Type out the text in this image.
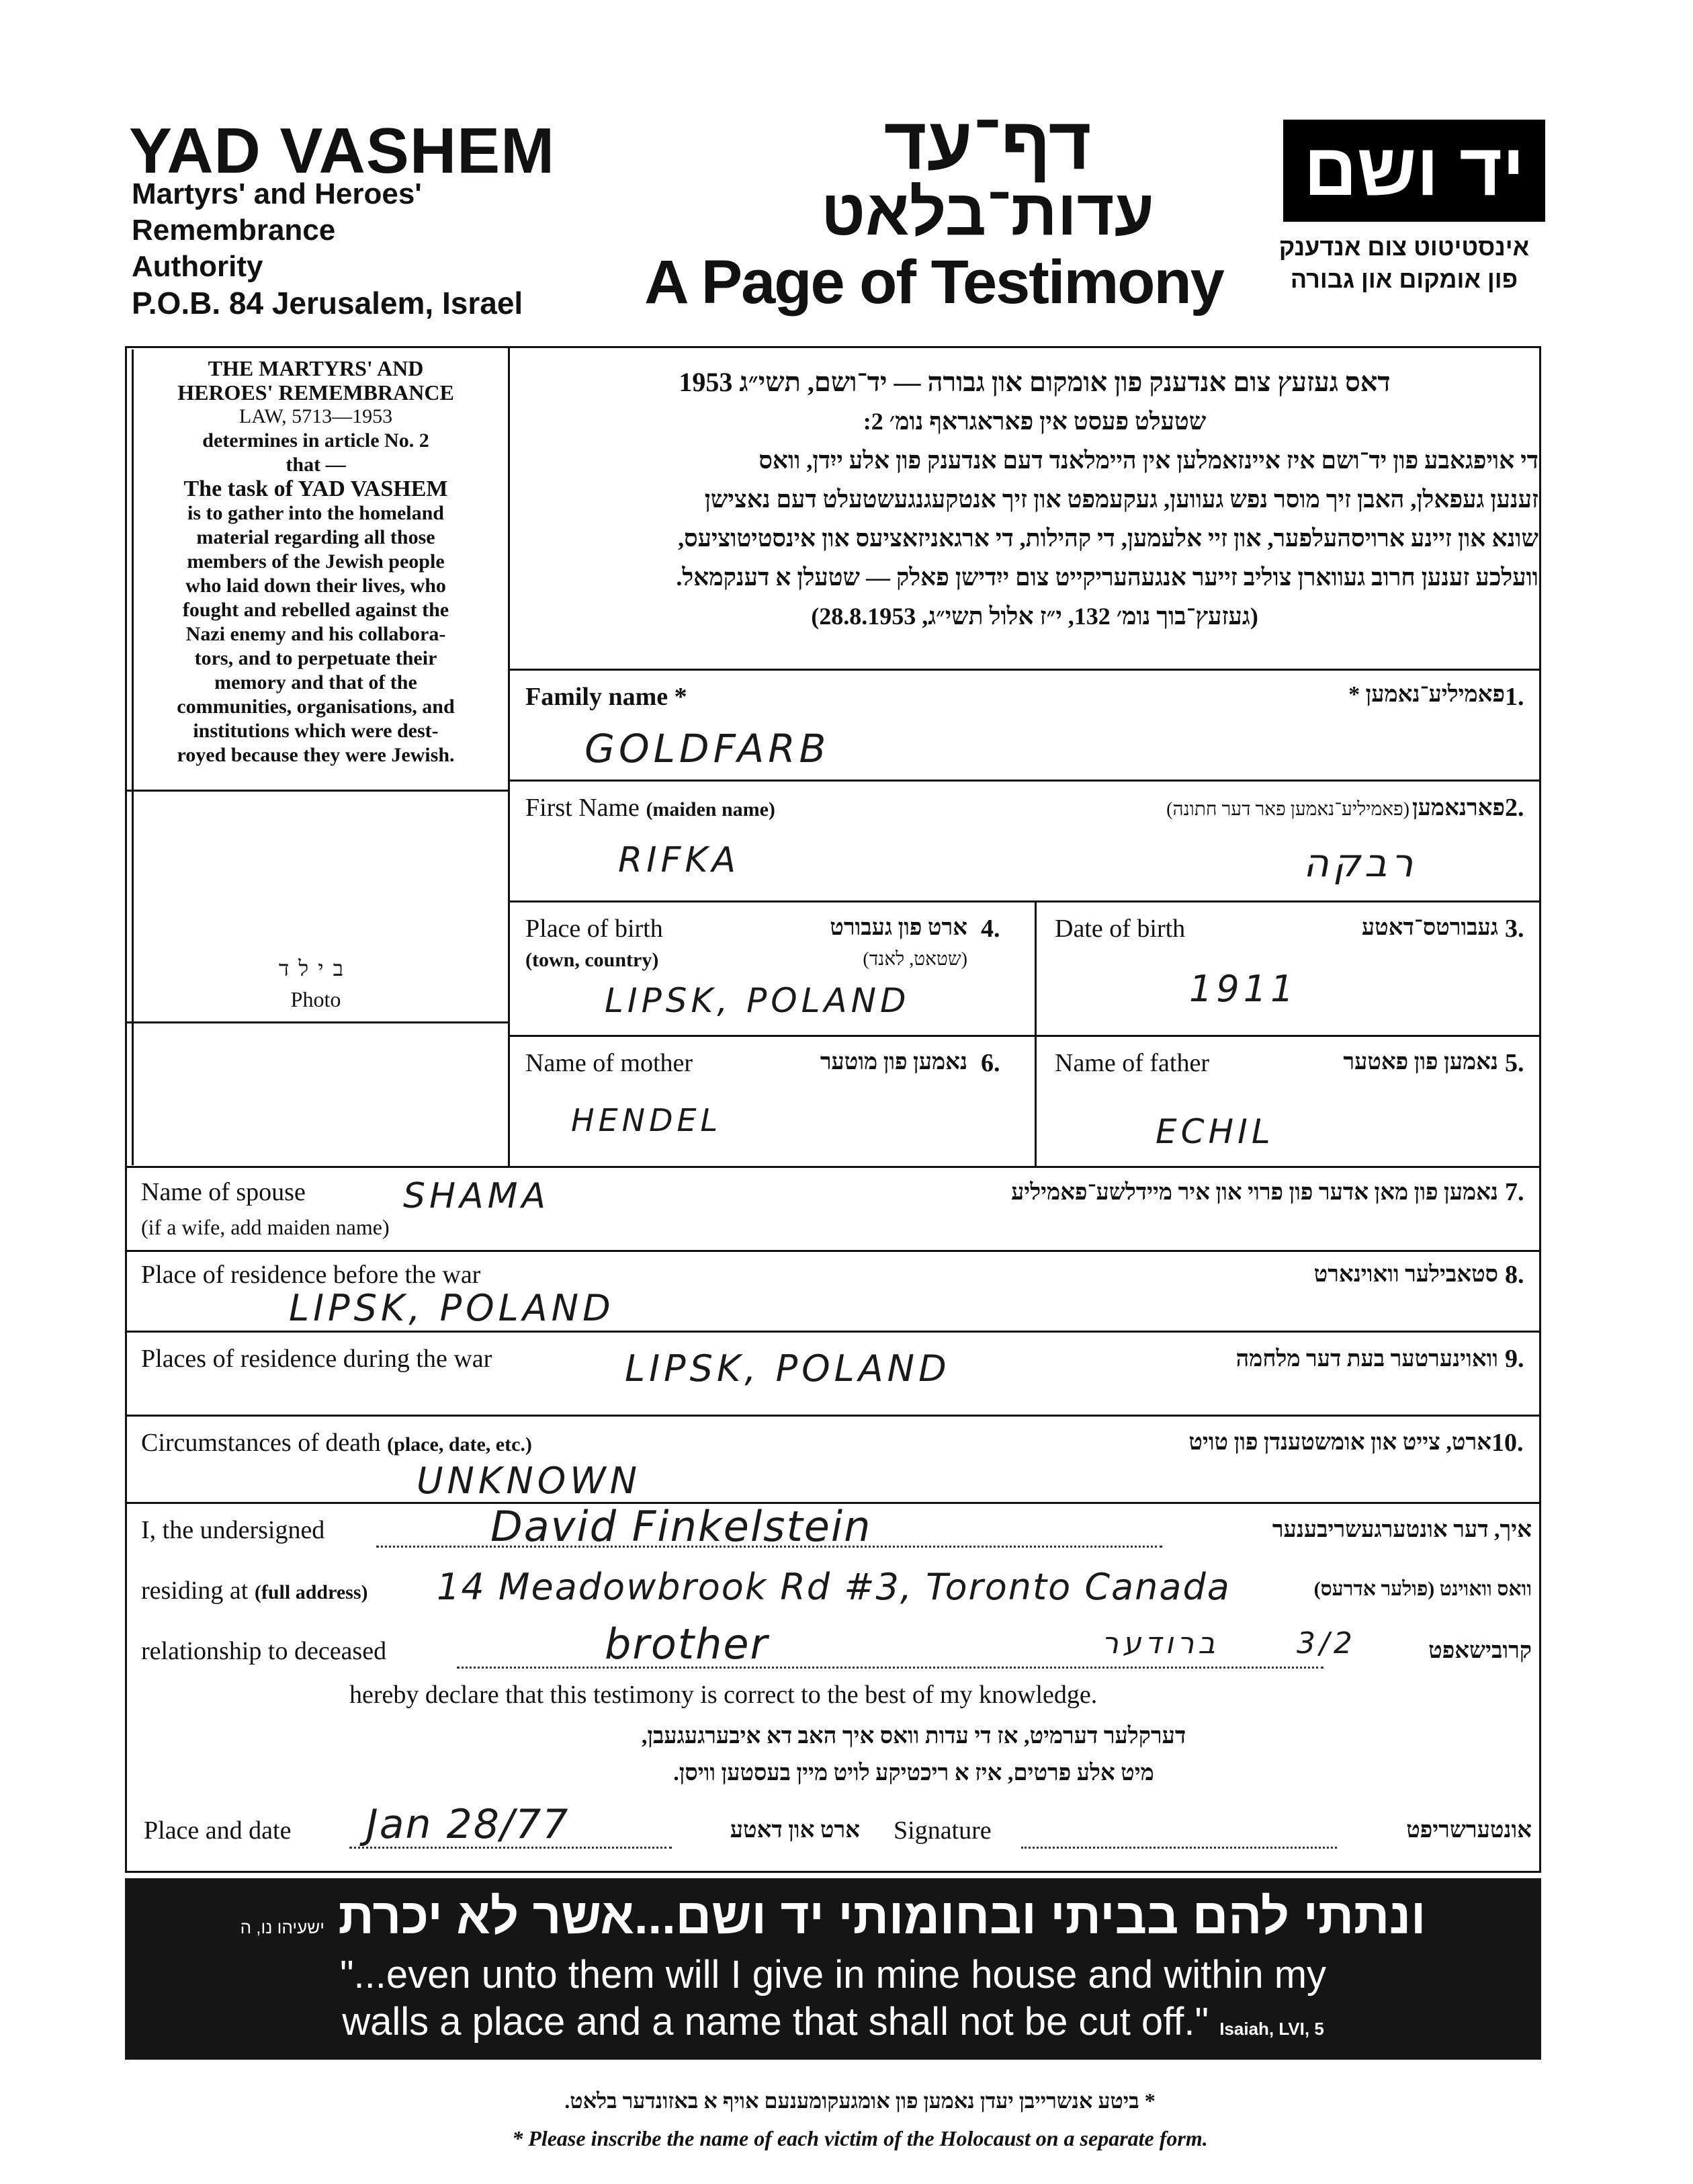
YAD VASHEM
Martyrs' and Heroes'
Remembrance
Authority
P.O.B. 84 Jerusalem, Israel
דף־עד
עדות־בלאט
A Page of Testimony
יד ושם
אינסטיטוט צום אנדענק
פון אומקום און גבורה
THE MARTYRS' AND
HEROES' REMEMBRANCE
LAW, 5713—1953
determines in article No. 2
that —
The task of YAD VASHEM
is to gather into the homeland
material regarding all those
members of the Jewish people
who laid down their lives, who
fought and rebelled against the
Nazi enemy and his collabora-
tors, and to perpetuate their
memory and that of the
communities, organisations, and
institutions which were dest-
royed because they were Jewish.
בילד
Photo
דאס געזעץ צום אנדענק פון אומקום און גבורה — יד־ושם, תשי״ג 1953
שטעלט פעסט אין פאראגראף נומ׳ 2:
די אויפגאבע פון יד־ושם איז איינזאמלען אין היימלאנד דעם אנדענק פון אלע ייִדן, וואס
זענען געפאלן, האבן זיך מוסר נפש געווען, געקעמפט און זיך אנטקעגנגעשטעלט דעם נאצישן
שונא און זיינע ארויסהעלפער, און זיי אלעמען, די קהילות, די ארגאניזאציעס און אינסטיטוציעס,
וועלכע זענען חרוב געווארן צוליב זייער אנגעהעריקייט צום ייִדישן פאלק — שטעלן א דענקמאל.
(געזעץ־בוך נומ׳ 132, י״ז אלול תשי״ג, 28.8.1953)
Family name *	פאמיליע־נאמען * 1.
GOLDFARB
First Name (maiden name)	פארנאמען (פאמיליע־נאמען פאר דער חתונה)	2.
RIFKA	רבקה
Place of birth	ארט פון געבורט 4.
(town, country)	(שטאט, לאנד)
LIPSK, POLAND
Date of birth	געבורטס־דאטע 3.
1911
Name of mother	נאמען פון מוטער 6.
HENDEL
Name of father	נאמען פון פאטער 5.
ECHIL
Name of spouse
(if a wife, add maiden name)
נאמען פון מאן אדער פון פרוי און איר מיידלשע־פאמיליע 7.
SHAMA
Place of residence before the war	סטאבילער וואוינארט 8.
LIPSK, POLAND
Places of residence during the war	וואוינערטער בעת דער מלחמה 9.
LIPSK, POLAND
Circumstances of death (place, date, etc.)	ארט, צייט און אומשטענדן פון טויט 10.
UNKNOWN
I, the undersigned	David Finkelstein	איך, דער אונטערגעשריבענער
residing at (full address) 14 Meadowbrook Rd #3, Toronto Canada	וואס וואוינט (פולער אדרעס)
relationship to deceased	brother	ברודער	3/2	קרובישאפט
hereby declare that this testimony is correct to the best of my knowledge.
דערקלער דערמיט, אז די עדות וואס איך האב דא איבערגעגעבן,
מיט אלע פרטים, איז א ריכטיקע לויט מיין בעסטען וויסן.
Place and date Jan 28/77	ארט און דאטע Signature	אונטערשריפט
ונתתי להם בביתי ובחומותי יד ושם...אשר לא יכרת ישעיהו נו, ה
"...even unto them will I give in mine house and within my
walls a place and a name that shall not be cut off." Isaiah, LVI, 5
* ביטע אנשרייבן יעדן נאמען פון אומגעקומענעם אויף א באזונדער בלאט.
* Please inscribe the name of each victim of the Holocaust on a separate form.
